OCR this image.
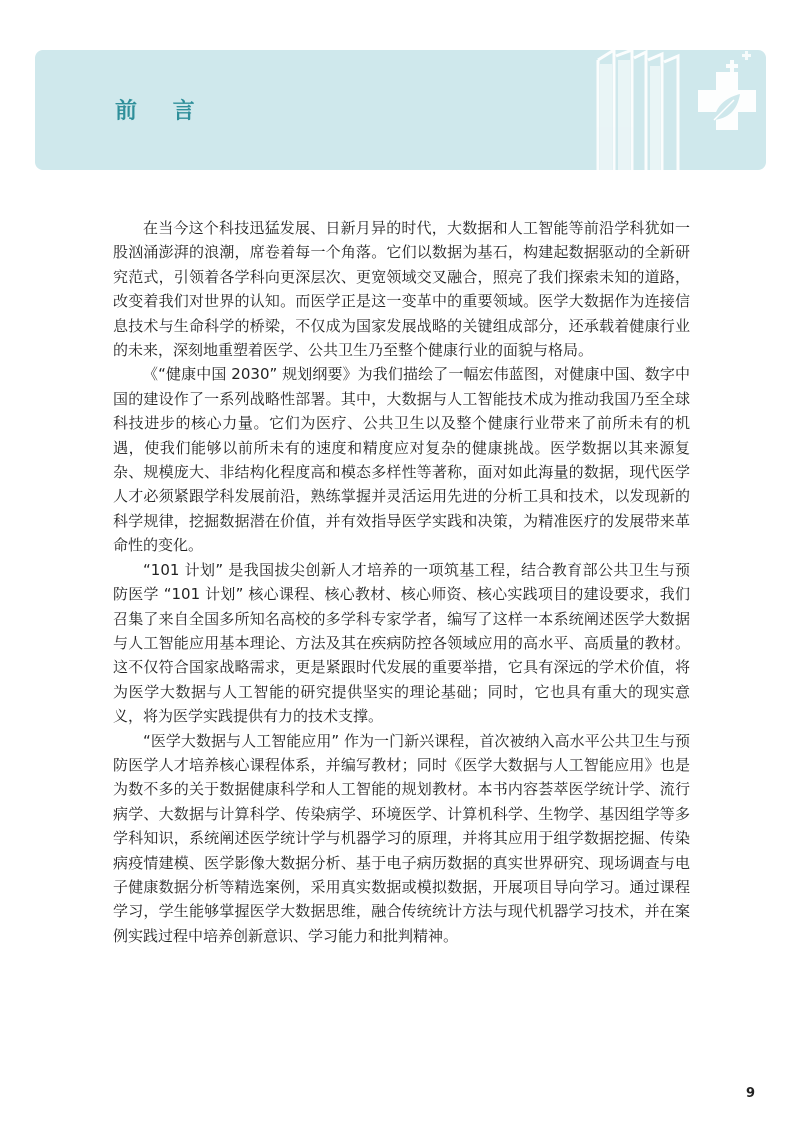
前 言

在当今这个科技迅猛发展、日新月异的时代，大数据和人工智能等前沿学科犹如一股汹涌澎湃的浪潮，席卷着每一个角落。它们以数据为基石，构建起数据驱动的全新研究范式，引领着各学科向更深层次、更宽领域交叉融合，照亮了我们探索未知的道路，改变着我们对世界的认知。而医学正是这一变革中的重要领域。医学大数据作为连接信息技术与生命科学的桥梁，不仅成为国家发展战略的关键组成部分，还承载着健康行业的未来，深刻地重塑着医学、公共卫生乃至整个健康行业的面貌与格局。

《“健康中国 2030” 规划纲要》为我们描绘了一幅宏伟蓝图，对健康中国、数字中国的建设作了一系列战略性部署。其中，大数据与人工智能技术成为推动我国乃至全球科技进步的核心力量。它们为医疗、公共卫生以及整个健康行业带来了前所未有的机遇，使我们能够以前所未有的速度和精度应对复杂的健康挑战。医学数据以其来源复杂、规模庞大、非结构化程度高和模态多样性等著称，面对如此海量的数据，现代医学人才必须紧跟学科发展前沿，熟练掌握并灵活运用先进的分析工具和技术，以发现新的科学规律，挖掘数据潜在价值，并有效指导医学实践和决策，为精准医疗的发展带来革命性的变化。

“101 计划” 是我国拔尖创新人才培养的一项筑基工程，结合教育部公共卫生与预防医学 “101 计划” 核心课程、核心教材、核心师资、核心实践项目的建设要求，我们召集了来自全国多所知名高校的多学科专家学者，编写了这样一本系统阐述医学大数据与人工智能应用基本理论、方法及其在疾病防控各领域应用的高水平、高质量的教材。这不仅符合国家战略需求，更是紧跟时代发展的重要举措，它具有深远的学术价值，将为医学大数据与人工智能的研究提供坚实的理论基础；同时，它也具有重大的现实意义，将为医学实践提供有力的技术支撑。

“医学大数据与人工智能应用” 作为一门新兴课程，首次被纳入高水平公共卫生与预防医学人才培养核心课程体系，并编写教材；同时《医学大数据与人工智能应用》也是为数不多的关于数据健康科学和人工智能的规划教材。本书内容荟萃医学统计学、流行病学、大数据与计算科学、传染病学、环境医学、计算机科学、生物学、基因组学等多学科知识，系统阐述医学统计学与机器学习的原理，并将其应用于组学数据挖掘、传染病疫情建模、医学影像大数据分析、基于电子病历数据的真实世界研究、现场调查与电子健康数据分析等精选案例，采用真实数据或模拟数据，开展项目导向学习。通过课程学习，学生能够掌握医学大数据思维，融合传统统计方法与现代机器学习技术，并在案例实践过程中培养创新意识、学习能力和批判精神。

9
